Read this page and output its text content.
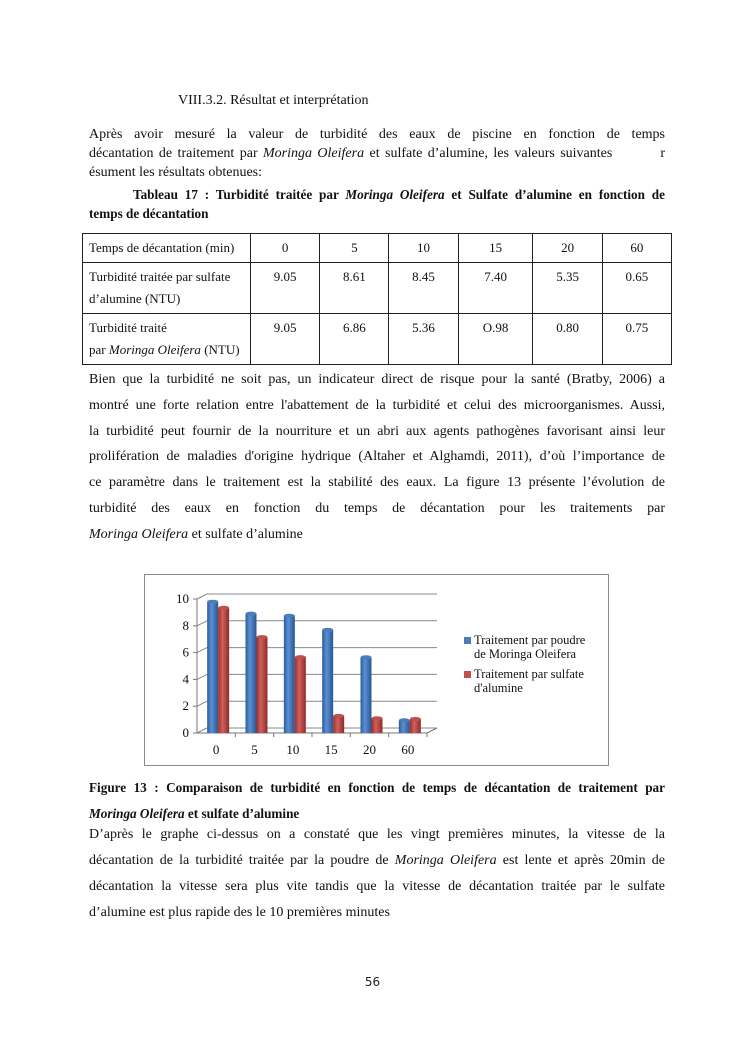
VIII.3.2. Résultat et interprétation
Après avoir mesuré la valeur de turbidité des eaux de piscine en fonction de temps
décantation de traitement par Moringa Oleifera et sulfate d’alumine, les valeurs suivantes	r
ésument les résultats obtenues:
Tableau 17 : Turbidité traitée par Moringa Oleifera et Sulfate d’alumine en fonction de
temps de décantation
Temps de décantation (min)	0	5	10	15	20	60
Turbidité traitée par sulfate
d’alumine (NTU)	9.05	8.61	8.45	7.40	5.35	0.65
Turbidité traité
par Moringa Oleifera (NTU)	9.05	6.86	5.36	O.98	0.80	0.75
Bien que la turbidité ne soit pas, un indicateur direct de risque pour la santé (Bratby, 2006) a
montré une forte relation entre l'abattement de la turbidité et celui des microorganismes. Aussi,
la turbidité peut fournir de la nourriture et un abri aux agents pathogènes favorisant ainsi leur
prolifération de maladies d'origine hydrique (Altaher et Alghamdi, 2011), d’où l’importance de
ce paramètre dans le traitement est la stabilité des eaux. La figure 13 présente l’évolution de
turbidité des eaux en fonction du temps de décantation pour les traitements par
Moringa Oleifera et sulfate d’alumine
0
2
4
6
8
10
0 5 10 15 20 60
Traitement par poudre
de Moringa Oleifera
Traitement par sulfate
d'alumine
Figure 13 : Comparaison de turbidité en fonction de temps de décantation de traitement par
Moringa Oleifera et sulfate d’alumine
D’après le graphe ci-dessus on a constaté que les vingt premières minutes, la vitesse de la
décantation de la turbidité traitée par la poudre de Moringa Oleifera est lente et après 20min de
décantation la vitesse sera plus vite tandis que la vitesse de décantation traitée par le sulfate
d’alumine est plus rapide des le 10 premières minutes
56
